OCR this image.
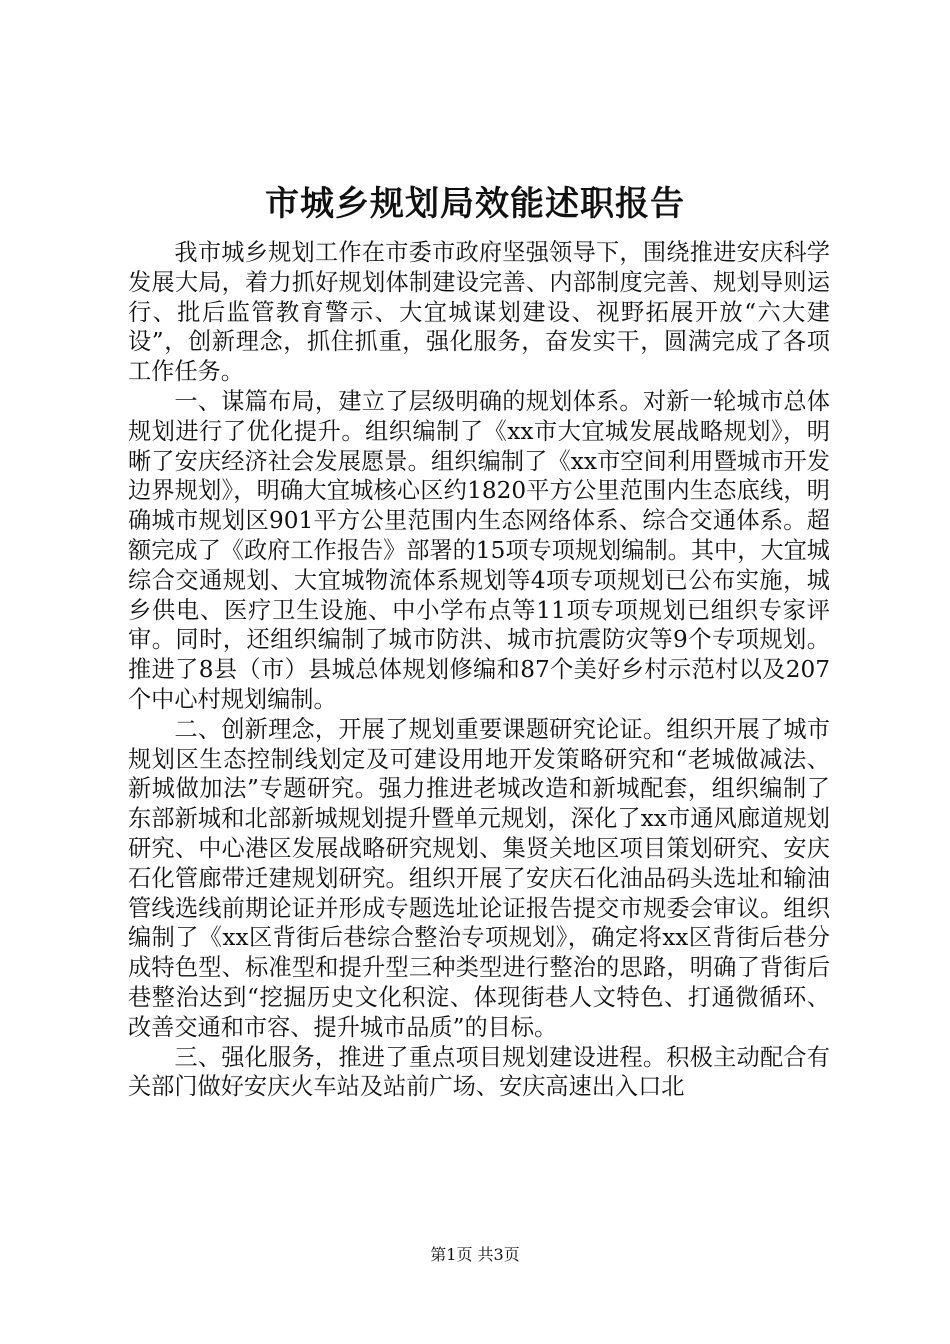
市城乡规划局效能述职报告

我市城乡规划工作在市委市政府坚强领导下，围绕推进安庆科学发展大局，着力抓好规划体制建设完善、内部制度完善、规划导则运行、批后监管教育警示、大宜城谋划建设、视野拓展开放“六大建设”，创新理念，抓住抓重，强化服务，奋发实干，圆满完成了各项工作任务。

一、谋篇布局，建立了层级明确的规划体系。对新一轮城市总体规划进行了优化提升。组织编制了《xx市大宜城发展战略规划》，明晰了安庆经济社会发展愿景。组织编制了《xx市空间利用暨城市开发边界规划》，明确大宜城核心区约1820平方公里范围内生态底线，明确城市规划区901平方公里范围内生态网络体系、综合交通体系。超额完成了《政府工作报告》部署的15项专项规划编制。其中，大宜城综合交通规划、大宜城物流体系规划等4项专项规划已公布实施，城乡供电、医疗卫生设施、中小学布点等11项专项规划已组织专家评审。同时，还组织编制了城市防洪、城市抗震防灾等9个专项规划。推进了8县（市）县城总体规划修编和87个美好乡村示范村以及207个中心村规划编制。

二、创新理念，开展了规划重要课题研究论证。组织开展了城市规划区生态控制线划定及可建设用地开发策略研究和“老城做减法、新城做加法”专题研究。强力推进老城改造和新城配套，组织编制了东部新城和北部新城规划提升暨单元规划，深化了xx市通风廊道规划研究、中心港区发展战略研究规划、集贤关地区项目策划研究、安庆石化管廊带迁建规划研究。组织开展了安庆石化油品码头选址和输油管线选线前期论证并形成专题选址论证报告提交市规委会审议。组织编制了《xx区背街后巷综合整治专项规划》，确定将xx区背街后巷分成特色型、标准型和提升型三种类型进行整治的思路，明确了背街后巷整治达到“挖掘历史文化积淀、体现街巷人文特色、打通微循环、改善交通和市容、提升城市品质”的目标。

三、强化服务，推进了重点项目规划建设进程。积极主动配合有关部门做好安庆火车站及站前广场、安庆高速出入口北

第1页 共3页
